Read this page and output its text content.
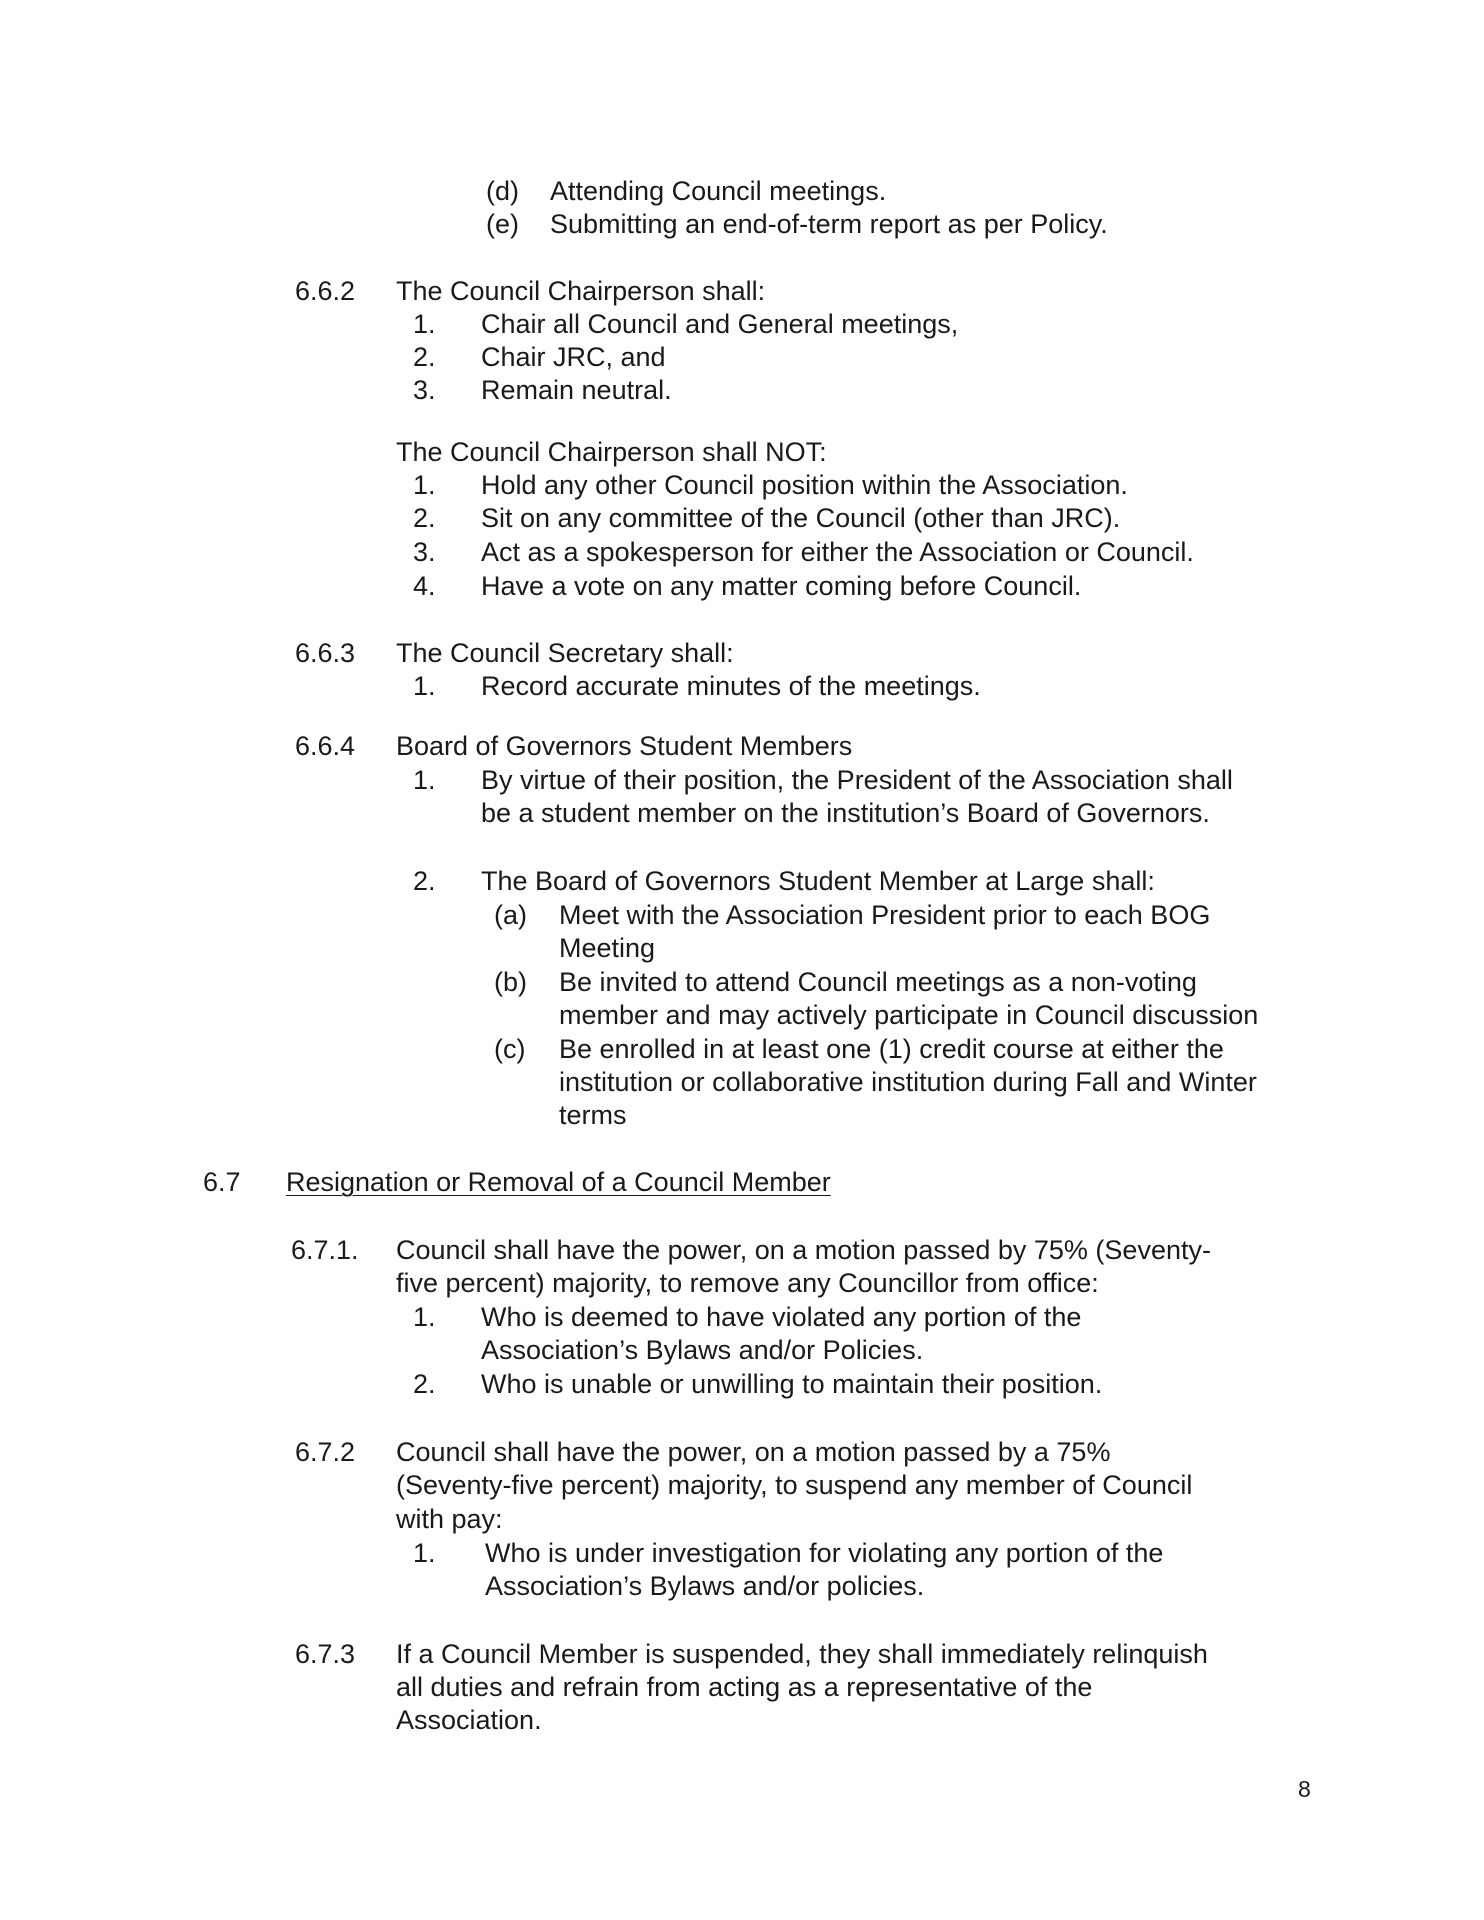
(d) Attending Council meetings.
(e) Submitting an end-of-term report as per Policy.
6.6.2 The Council Chairperson shall:
1. Chair all Council and General meetings,
2. Chair JRC, and
3. Remain neutral.
The Council Chairperson shall NOT:
1. Hold any other Council position within the Association.
2. Sit on any committee of the Council (other than JRC).
3. Act as a spokesperson for either the Association or Council.
4. Have a vote on any matter coming before Council.
6.6.3 The Council Secretary shall:
1. Record accurate minutes of the meetings.
6.6.4 Board of Governors Student Members
1. By virtue of their position, the President of the Association shall
be a student member on the institution’s Board of Governors.
2. The Board of Governors Student Member at Large shall:
(a) Meet with the Association President prior to each BOG
Meeting
(b) Be invited to attend Council meetings as a non-voting
member and may actively participate in Council discussion
(c) Be enrolled in at least one (1) credit course at either the
institution or collaborative institution during Fall and Winter
terms
6.7 Resignation or Removal of a Council Member
6.7.1. Council shall have the power, on a motion passed by 75% (Seventy-
five percent) majority, to remove any Councillor from office:
1. Who is deemed to have violated any portion of the
Association’s Bylaws and/or Policies.
2. Who is unable or unwilling to maintain their position.
6.7.2 Council shall have the power, on a motion passed by a 75%
(Seventy-five percent) majority, to suspend any member of Council
with pay:
1. Who is under investigation for violating any portion of the
Association’s Bylaws and/or policies.
6.7.3 If a Council Member is suspended, they shall immediately relinquish
all duties and refrain from acting as a representative of the
Association.
8
